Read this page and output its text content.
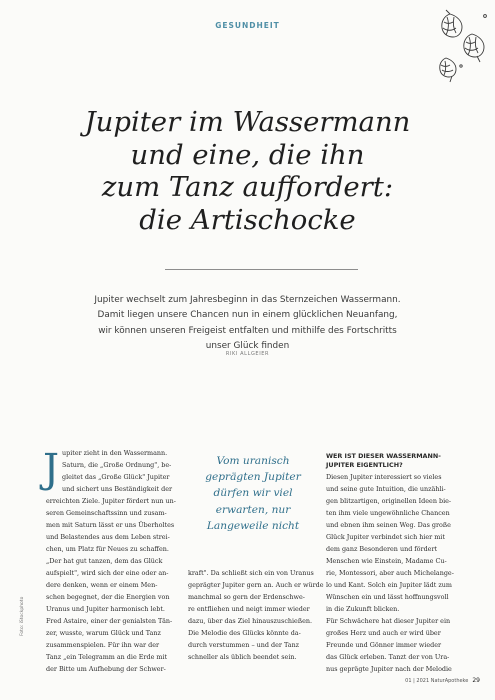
GESUNDHEIT
Jupiter im Wassermann
und eine, die ihn
zum Tanz auffordert:
die Artischocke
Jupiter wechselt zum Jahresbeginn in das Sternzeichen Wassermann.
Damit liegen unsere Chancen nun in einem glücklichen Neuanfang,
wir können unseren Freigeist entfalten und mithilfe des Fortschritts
unser Glück finden
RIKI ALLGEIER
J upiter zieht in den Wassermann.
Saturn, die „Große Ordnung", be-
gleitet das „Große Glück" Jupiter
und sichert uns Beständigkeit der
erreichten Ziele. Jupiter fördert nun un-
seren Gemeinschaftssinn und zusam-
men mit Saturn lässt er uns Überholtes
und Belastendes aus dem Leben strei-
chen, um Platz für Neues zu schaffen.
„Der hat gut tanzen, dem das Glück
aufspielt", wird sich der eine oder an-
dere denken, wenn er einem Men-
schen begegnet, der die Energien von
Uranus und Jupiter harmonisch lebt.
Fred Astaire, einer der genialsten Tän-
zer, wusste, warum Glück und Tanz
zusammenspielen. Für ihn war der
Tanz „ein Telegramm an die Erde mit
der Bitte um Aufhebung der Schwer-
Vom uranisch
geprägten Jupiter
dürfen wir viel
erwarten, nur
Langeweile nicht
kraft". Da schließt sich ein von Uranus
geprägter Jupiter gern an. Auch er würde
manchmal so gern der Erdenschwe-
re entfliehen und neigt immer wieder
dazu, über das Ziel hinauszuschießen.
Die Melodie des Glücks könnte da-
durch verstummen – und der Tanz
schneller als üblich beendet sein.
WER IST DIESER WASSERMANN-
JUPITER EIGENTLICH?
Diesen Jupiter interessiert so vieles
und seine gute Intuition, die unzähli-
gen blitzartigen, originellen Ideen bie-
ten ihm viele ungewöhnliche Chancen
und ebnen ihm seinen Weg. Das große
Glück Jupiter verbindet sich hier mit
dem ganz Besonderen und fördert
Menschen wie Einstein, Madame Cu-
rie, Montessori, aber auch Michelange-
lo und Kant. Solch ein Jupiter lädt zum
Wünschen ein und lässt hoffnungsvoll
in die Zukunft blicken.
Für Schwächere hat dieser Jupiter ein
großes Herz und auch er wird über
Freunde und Gönner immer wieder
das Glück erleben. Tanzt der von Ura-
nus geprägte Jupiter nach der Melodie
Foto: iStockphoto
01 | 2021 NaturApotheke 29
